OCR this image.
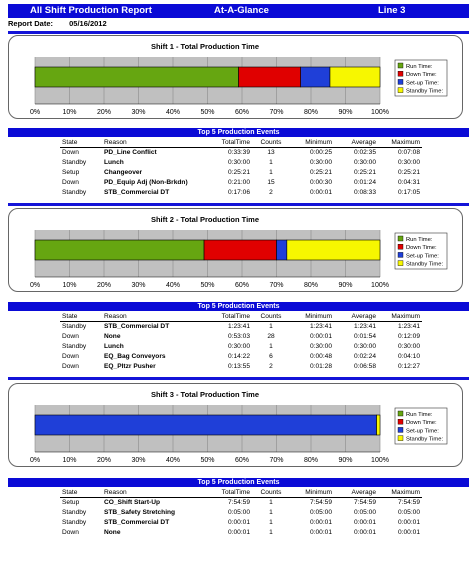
All Shift Production Report	At-A-Glance	Line 3
Report Date: 05/16/2012
Shift 1 - Total Production Time
0%	10%	20%	30%	40%	50%	60%	70%	80%	90%	100%
Run Time:
Down Time:
Set-up Time:
Standby Time:
Shift 2 - Total Production Time
0%	10%	20%	30%	40%	50%	60%	70%	80%	90%	100%
Run Time:
Down Time:
Set-up Time:
Standby Time:
Shift 3 - Total Production Time
0%	10%	20%	30%	40%	50%	60%	70%	80%	90%	100%
Run Time:
Down Time:
Set-up Time:
Standby Time:
Top 5 Production Events
Top 5 Production Events
Top 5 Production Events
State	Reason	TotalTime	Counts	Minimum	Average	Maximum
Down	PD_Line Conflict	0:33:39	13	0:00:25	0:02:35	0:07:08
Standby	Lunch	0:30:00	1	0:30:00	0:30:00	0:30:00
Setup	Changeover	0:25:21	1	0:25:21	0:25:21	0:25:21
Down	PD_Equip Adj (Non-Brkdn)	0:21:00	15	0:00:30	0:01:24	0:04:31
Standby	STB_Commercial DT	0:17:06	2	0:00:01	0:08:33	0:17:05
State	Reason	TotalTime	Counts	Minimum	Average	Maximum
Standby	STB_Commercial DT	1:23:41	1	1:23:41	1:23:41	1:23:41
Down	None	0:53:03	28	0:00:01	0:01:54	0:12:09
Standby	Lunch	0:30:00	1	0:30:00	0:30:00	0:30:00
Down	EQ_Bag Conveyors	0:14:22	6	0:00:48	0:02:24	0:04:10
Down	EQ_Pltzr Pusher	0:13:55	2	0:01:28	0:06:58	0:12:27
State	Reason	TotalTime	Counts	Minimum	Average	Maximum
Setup	CO_Shift Start-Up	7:54:59	1	7:54:59	7:54:59	7:54:59
Standby	STB_Safety Stretching	0:05:00	1	0:05:00	0:05:00	0:05:00
Standby	STB_Commercial DT	0:00:01	1	0:00:01	0:00:01	0:00:01
Down	None	0:00:01	1	0:00:01	0:00:01	0:00:01
